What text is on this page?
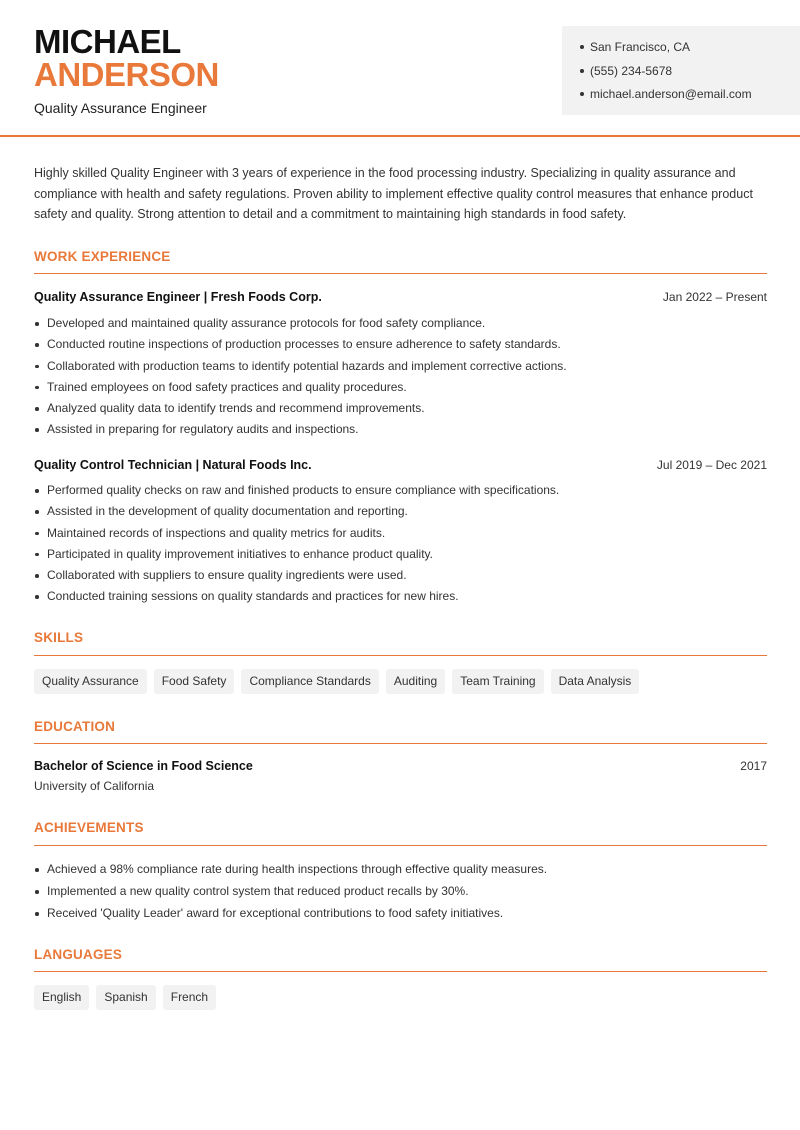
MICHAEL
ANDERSON
Quality Assurance Engineer
San Francisco, CA
(555) 234-5678
michael.anderson@email.com
Highly skilled Quality Engineer with 3 years of experience in the food processing industry. Specializing in quality assurance and compliance with health and safety regulations. Proven ability to implement effective quality control measures that enhance product safety and quality. Strong attention to detail and a commitment to maintaining high standards in food safety.
WORK EXPERIENCE
Quality Assurance Engineer | Fresh Foods Corp.	Jan 2022 – Present
Developed and maintained quality assurance protocols for food safety compliance.
Conducted routine inspections of production processes to ensure adherence to safety standards.
Collaborated with production teams to identify potential hazards and implement corrective actions.
Trained employees on food safety practices and quality procedures.
Analyzed quality data to identify trends and recommend improvements.
Assisted in preparing for regulatory audits and inspections.
Quality Control Technician | Natural Foods Inc.	Jul 2019 – Dec 2021
Performed quality checks on raw and finished products to ensure compliance with specifications.
Assisted in the development of quality documentation and reporting.
Maintained records of inspections and quality metrics for audits.
Participated in quality improvement initiatives to enhance product quality.
Collaborated with suppliers to ensure quality ingredients were used.
Conducted training sessions on quality standards and practices for new hires.
SKILLS
Quality Assurance	Food Safety	Compliance Standards	Auditing	Team Training	Data Analysis
EDUCATION
Bachelor of Science in Food Science	2017
University of California
ACHIEVEMENTS
Achieved a 98% compliance rate during health inspections through effective quality measures.
Implemented a new quality control system that reduced product recalls by 30%.
Received 'Quality Leader' award for exceptional contributions to food safety initiatives.
LANGUAGES
English	Spanish	French
